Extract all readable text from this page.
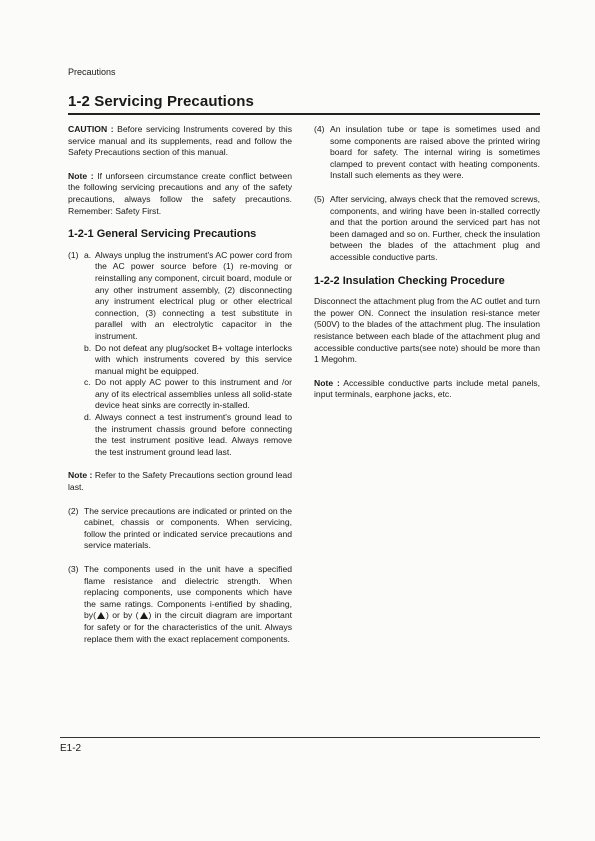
Precautions
1-2 Servicing Precautions

CAUTION : Before servicing Instruments covered by this service manual and its supplements, read and follow the Safety Precautions section of this manual.

Note : If unforseen circumstance create conflict between the following servicing precautions and any of the safety precautions, always follow the safety precautions. Remember: Safety First.

1-2-1 General Servicing Precautions
(1) a. Always unplug the instrument's AC power cord from the AC power source before (1) re-moving or reinstalling any component, circuit board, module or any other instrument assembly, (2) disconnecting any instrument electrical plug or other electrical connection, (3) connecting a test substitute in parallel with an electrolytic capacitor in the instrument.
b. Do not defeat any plug/socket B+ voltage interlocks with which instruments covered by this service manual might be equipped.
c. Do not apply AC power to this instrument and /or any of its electrical assemblies unless all solid-state device heat sinks are correctly in-stalled.
d. Always connect a test instrument's ground lead to the instrument chassis ground before connecting the test instrument positive lead. Always remove the test instrument ground lead last.

Note : Refer to the Safety Precautions section ground lead last.

(2) The service precautions are indicated or printed on the cabinet, chassis or components. When servicing, follow the printed or indicated service precautions and service materials.
(3) The components used in the unit have a specified flame resistance and dielectric strength. When replacing components, use components which have the same ratings. Components i-entified by shading, by( ) or by ( ) in the circuit diagram are important for safety or for the characteristics of the unit. Always replace them with the exact replacement components.
(4) An insulation tube or tape is sometimes used and some components are raised above the printed wiring board for safety. The internal wiring is sometimes clamped to prevent contact with heating components. Install such elements as they were.
(5) After servicing, always check that the removed screws, components, and wiring have been in-stalled correctly and that the portion around the serviced part has not been damaged and so on. Further, check the insulation between the blades of the attachment plug and accessible conductive parts.
1-2-2 Insulation Checking Procedure

Disconnect the attachment plug from the AC outlet and turn the power ON. Connect the insulation resi-stance meter (500V) to the blades of the attachment plug. The insulation resistance between each blade of the attachment plug and accessible conductive parts(see note) should be more than 1 Megohm.

Note : Accessible conductive parts include metal panels, input terminals, earphone jacks, etc.

E1-2
